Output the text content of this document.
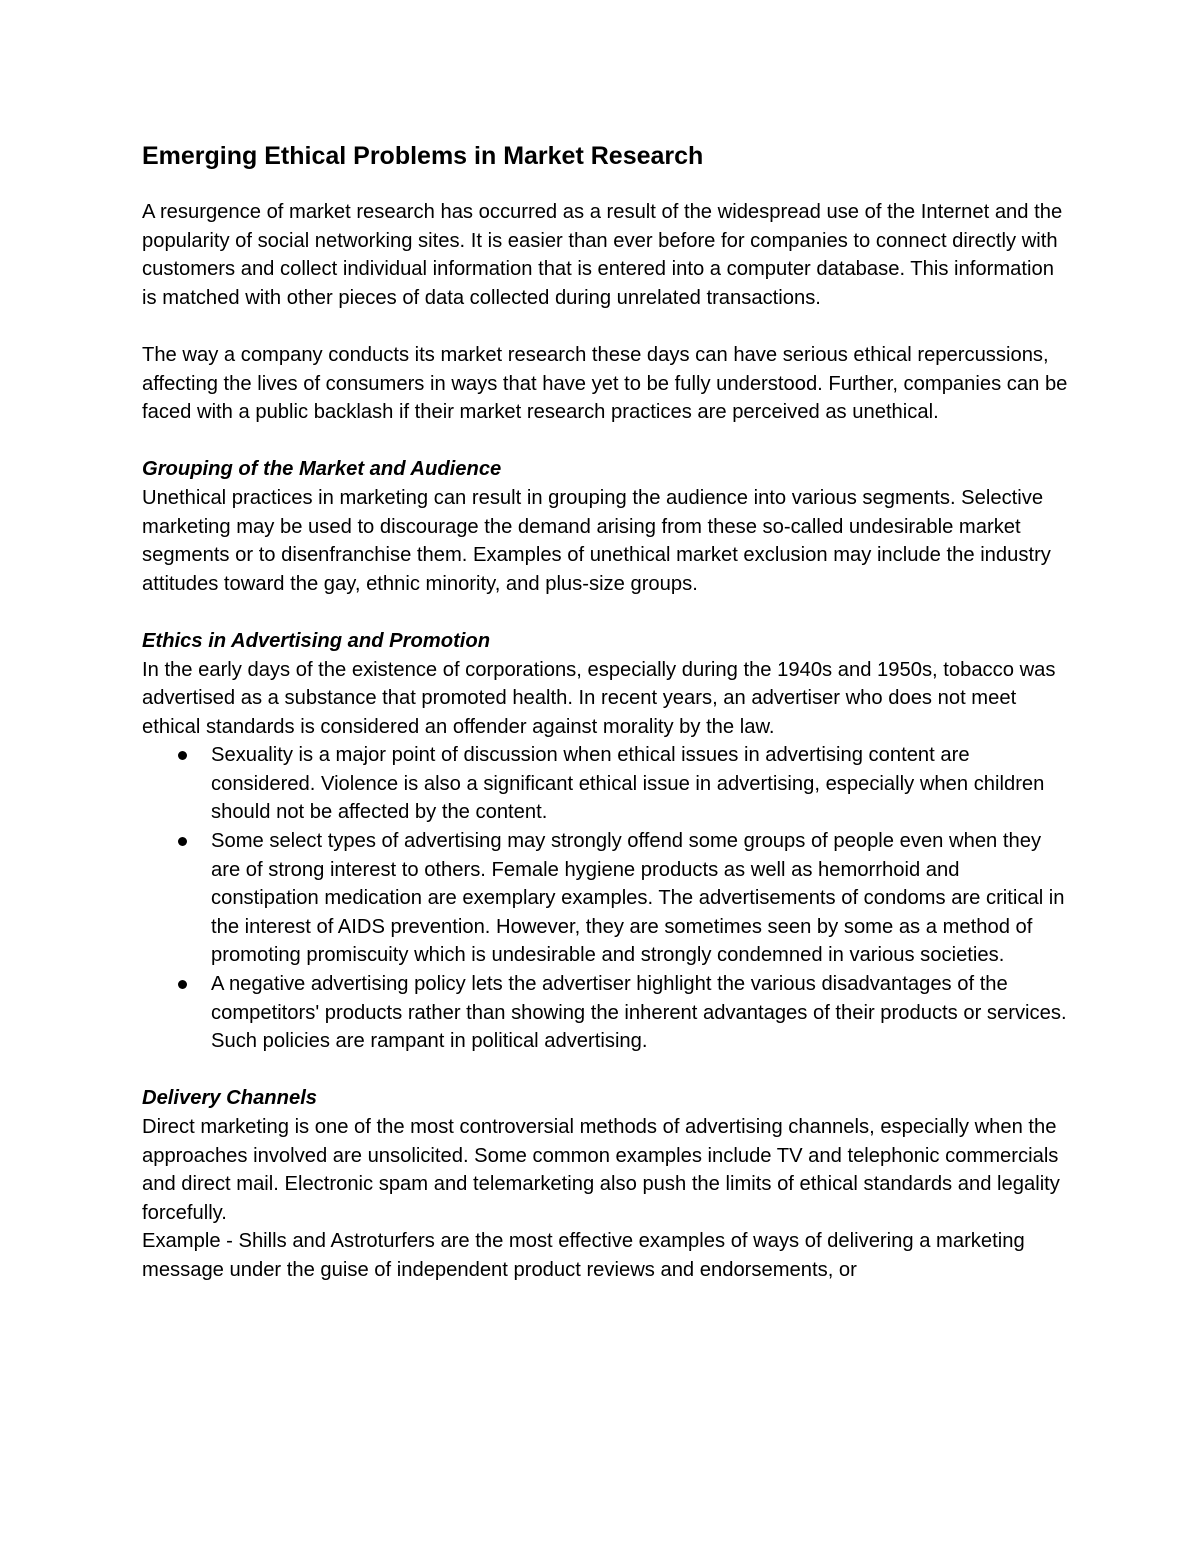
Emerging Ethical Problems in Market Research

A resurgence of market research has occurred as a result of the widespread use of the Internet and the popularity of social networking sites. It is easier than ever before for companies to connect directly with customers and collect individual information that is entered into a computer database. This information is matched with other pieces of data collected during unrelated transactions.

The way a company conducts its market research these days can have serious ethical repercussions, affecting the lives of consumers in ways that have yet to be fully understood. Further, companies can be faced with a public backlash if their market research practices are perceived as unethical.

Grouping of the Market and Audience

Unethical practices in marketing can result in grouping the audience into various segments. Selective marketing may be used to discourage the demand arising from these so-called undesirable market segments or to disenfranchise them. Examples of unethical market exclusion may include the industry attitudes toward the gay, ethnic minority, and plus-size groups.

Ethics in Advertising and Promotion

In the early days of the existence of corporations, especially during the 1940s and 1950s, tobacco was advertised as a substance that promoted health. In recent years, an advertiser who does not meet ethical standards is considered an offender against morality by the law.

Sexuality is a major point of discussion when ethical issues in advertising content are considered. Violence is also a significant ethical issue in advertising, especially when children should not be affected by the content.
Some select types of advertising may strongly offend some groups of people even when they are of strong interest to others. Female hygiene products as well as hemorrhoid and constipation medication are exemplary examples. The advertisements of condoms are critical in the interest of AIDS prevention. However, they are sometimes seen by some as a method of promoting promiscuity which is undesirable and strongly condemned in various societies.
A negative advertising policy lets the advertiser highlight the various disadvantages of the competitors' products rather than showing the inherent advantages of their products or services. Such policies are rampant in political advertising.
Delivery Channels

Direct marketing is one of the most controversial methods of advertising channels, especially when the approaches involved are unsolicited. Some common examples include TV and telephonic commercials and direct mail. Electronic spam and telemarketing also push the limits of ethical standards and legality forcefully.

Example - Shills and Astroturfers are the most effective examples of ways of delivering a marketing message under the guise of independent product reviews and endorsements, or
